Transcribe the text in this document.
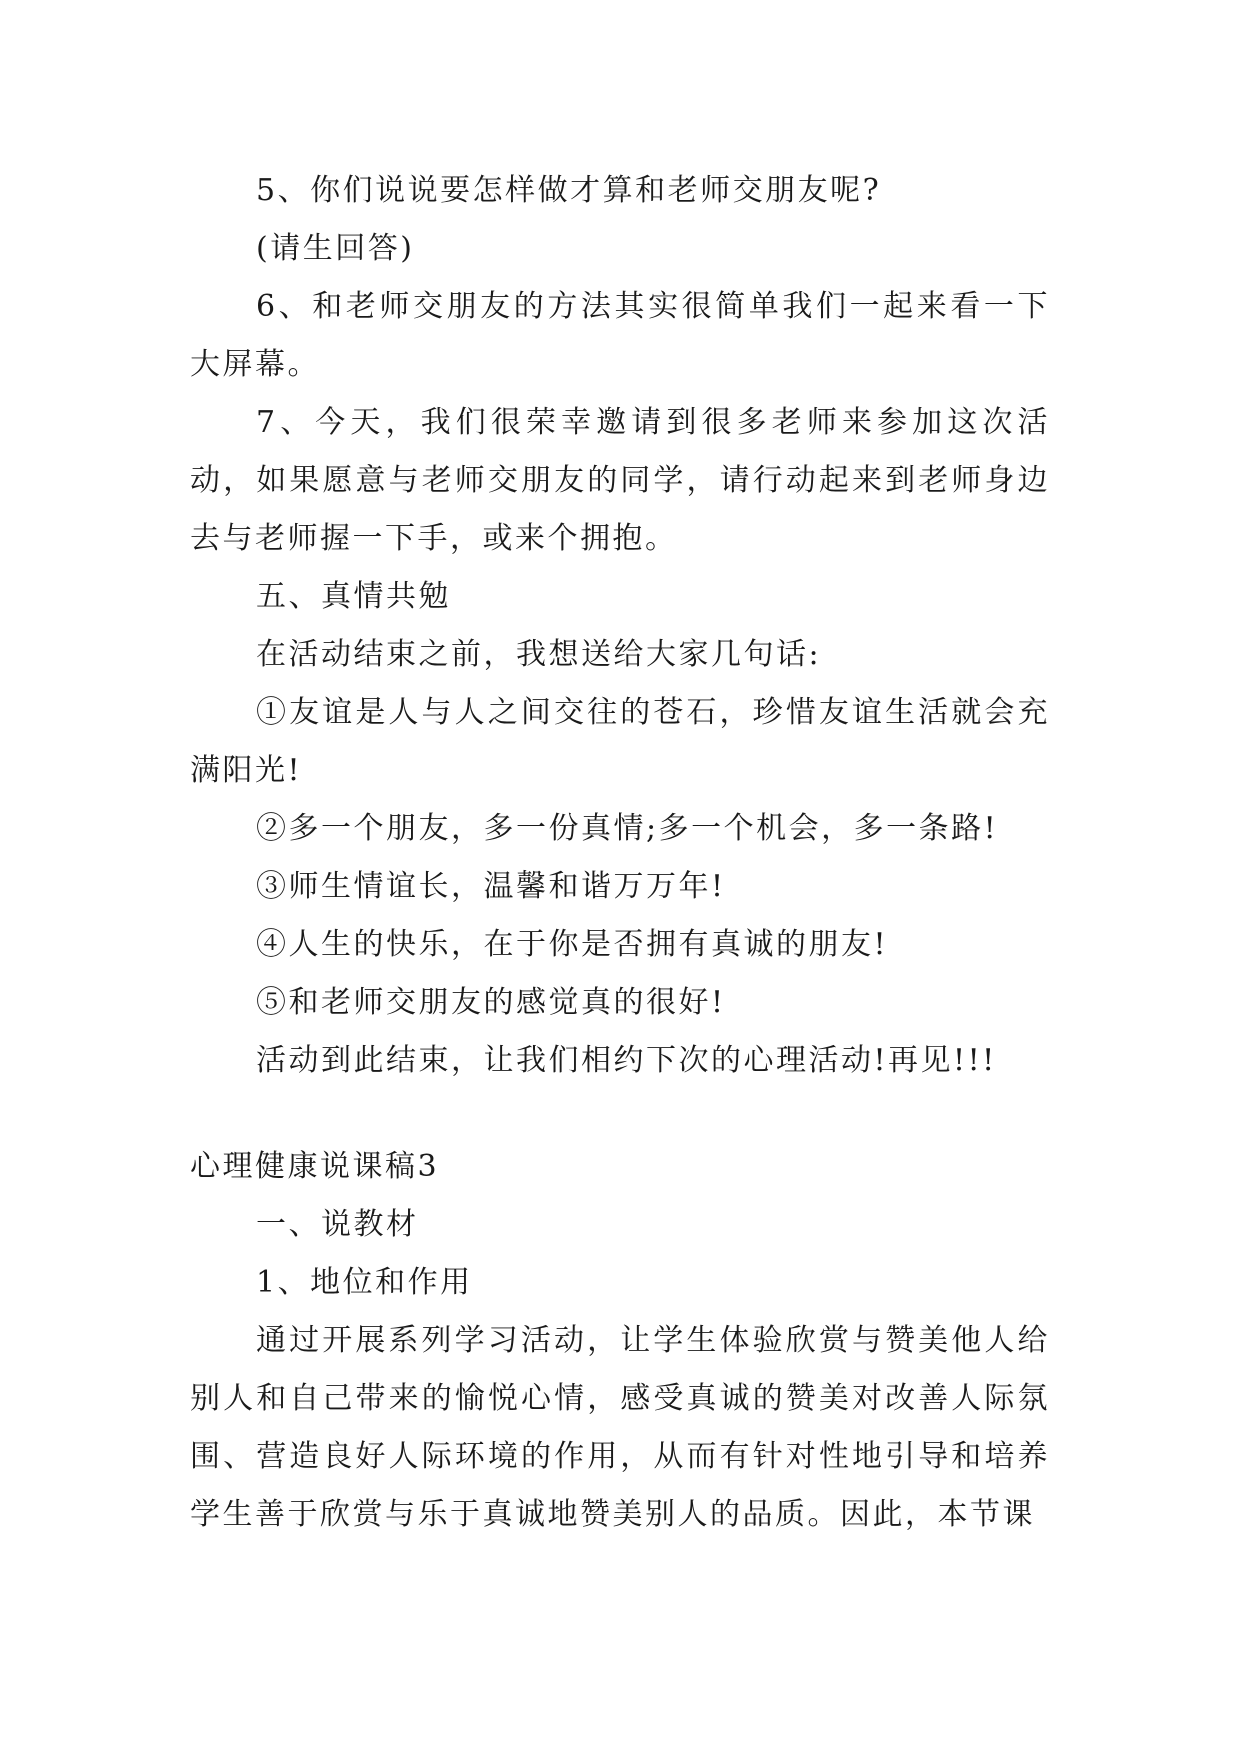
5、你们说说要怎样做才算和老师交朋友呢?

(请生回答)

6、和老师交朋友的方法其实很简单我们一起来看一下大屏幕。

7、今天，我们很荣幸邀请到很多老师来参加这次活动，如果愿意与老师交朋友的同学，请行动起来到老师身边去与老师握一下手，或来个拥抱。

五、真情共勉

在活动结束之前，我想送给大家几句话:

①友谊是人与人之间交往的苍石，珍惜友谊生活就会充满阳光!

②多一个朋友，多一份真情;多一个机会，多一条路!

③师生情谊长，温馨和谐万万年!

④人生的快乐，在于你是否拥有真诚的朋友!

⑤和老师交朋友的感觉真的很好!

活动到此结束，让我们相约下次的心理活动!再见!!!

心理健康说课稿3

一、说教材

1、地位和作用

通过开展系列学习活动，让学生体验欣赏与赞美他人给别人和自己带来的愉悦心情，感受真诚的赞美对改善人际氛围、营造良好人际环境的作用，从而有针对性地引导和培养学生善于欣赏与乐于真诚地赞美别人的品质。因此，本节课
